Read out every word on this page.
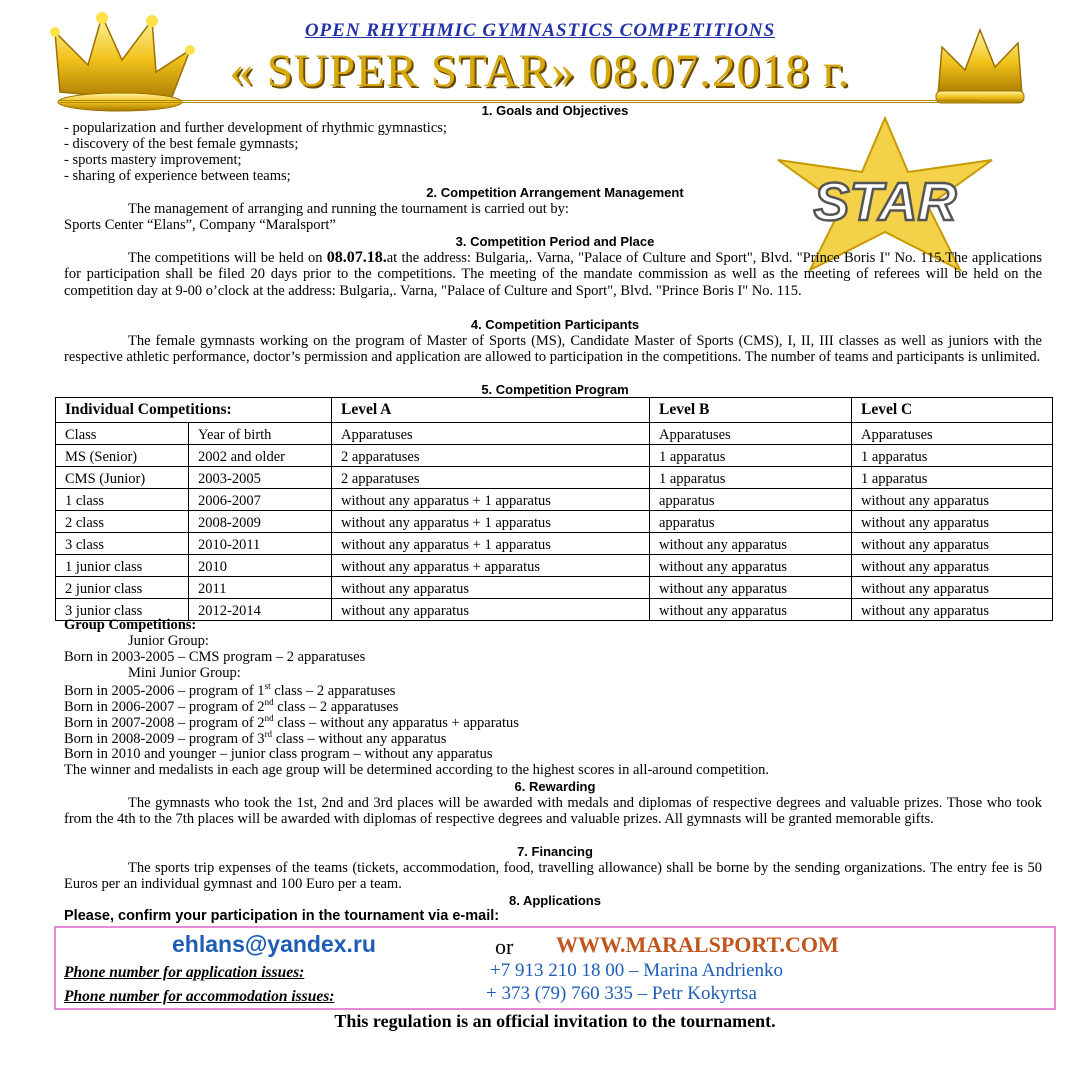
OPEN RHYTHMIC GYMNASTICS COMPETITIONS
« SUPER STAR» 08.07.2018 г.
STAR
1. Goals and Objectives
- popularization and further development of rhythmic gymnastics;
- discovery of the best female gymnasts;
- sports mastery improvement;
- sharing of experience between teams;
2. Competition Arrangement Management
The management of arranging and running the tournament is carried out by:
Sports Center “Elans”, Company “Maralsport”
3. Competition Period and Place
The competitions will be held on 08.07.18.at the address: Bulgaria,. Varna, "Palace of Culture and Sport", Blvd. "Prince Boris I" No. 115.The applications for participation shall be filed 20 days prior to the competitions. The meeting of the mandate commission as well as the meeting of referees will be held on the competition day at 9-00 o’clock at the address: Bulgaria,. Varna, "Palace of Culture and Sport", Blvd. "Prince Boris I" No. 115.
4. Competition Participants
The female gymnasts working on the program of Master of Sports (MS), Candidate Master of Sports (CMS), I, II, III classes as well as juniors with the respective athletic performance, doctor’s permission and application are allowed to participation in the competitions. The number of teams and participants is unlimited.
5. Competition Program
Individual Competitions:		Level A	Level B	Level C
Class	Year of birth	Apparatuses	Apparatuses	Apparatuses
MS (Senior)	2002 and older	2 apparatuses	1 apparatus	1 apparatus
CMS (Junior)	2003-2005	2 apparatuses	1 apparatus	1 apparatus
1 class	2006-2007	without any apparatus + 1 apparatus	apparatus	without any apparatus
2 class	2008-2009	without any apparatus + 1 apparatus	apparatus	without any apparatus
3 class	2010-2011	without any apparatus + 1 apparatus	without any apparatus	without any apparatus
1 junior class	2010	without any apparatus + apparatus	without any apparatus	without any apparatus
2 junior class	2011	without any apparatus	without any apparatus	without any apparatus
3 junior class	2012-2014	without any apparatus	without any apparatus	without any apparatus
Group Competitions:
Junior Group:
Born in 2003-2005 – CMS program – 2 apparatuses
Mini Junior Group:
Born in 2005-2006 – program of 1st class – 2 apparatuses
Born in 2006-2007 – program of 2nd class – 2 apparatuses
Born in 2007-2008 – program of 2nd class – without any apparatus + apparatus
Born in 2008-2009 – program of 3rd class – without any apparatus
Born in 2010 and younger – junior class program – without any apparatus
The winner and medalists in each age group will be determined according to the highest scores in all-around competition.
6. Rewarding
The gymnasts who took the 1st, 2nd and 3rd places will be awarded with medals and diplomas of respective degrees and valuable prizes. Those who took from the 4th to the 7th places will be awarded with diplomas of respective degrees and valuable prizes. All gymnasts will be granted memorable gifts.
7. Financing
The sports trip expenses of the teams (tickets, accommodation, food, travelling allowance) shall be borne by the sending organizations. The entry fee is 50 Euros per an individual gymnast and 100 Euro per a team.
8. Applications
Please, confirm your participation in the tournament via e-mail:
ehlans@yandex.ru	or WWW.MARALSPORT.COM
Phone number for application issues:	+7 913 210 18 00 – Marina Andrienko
Phone number for accommodation issues:	+ 373 (79) 760 335 – Petr Kokyrtsa
This regulation is an official invitation to the tournament.
